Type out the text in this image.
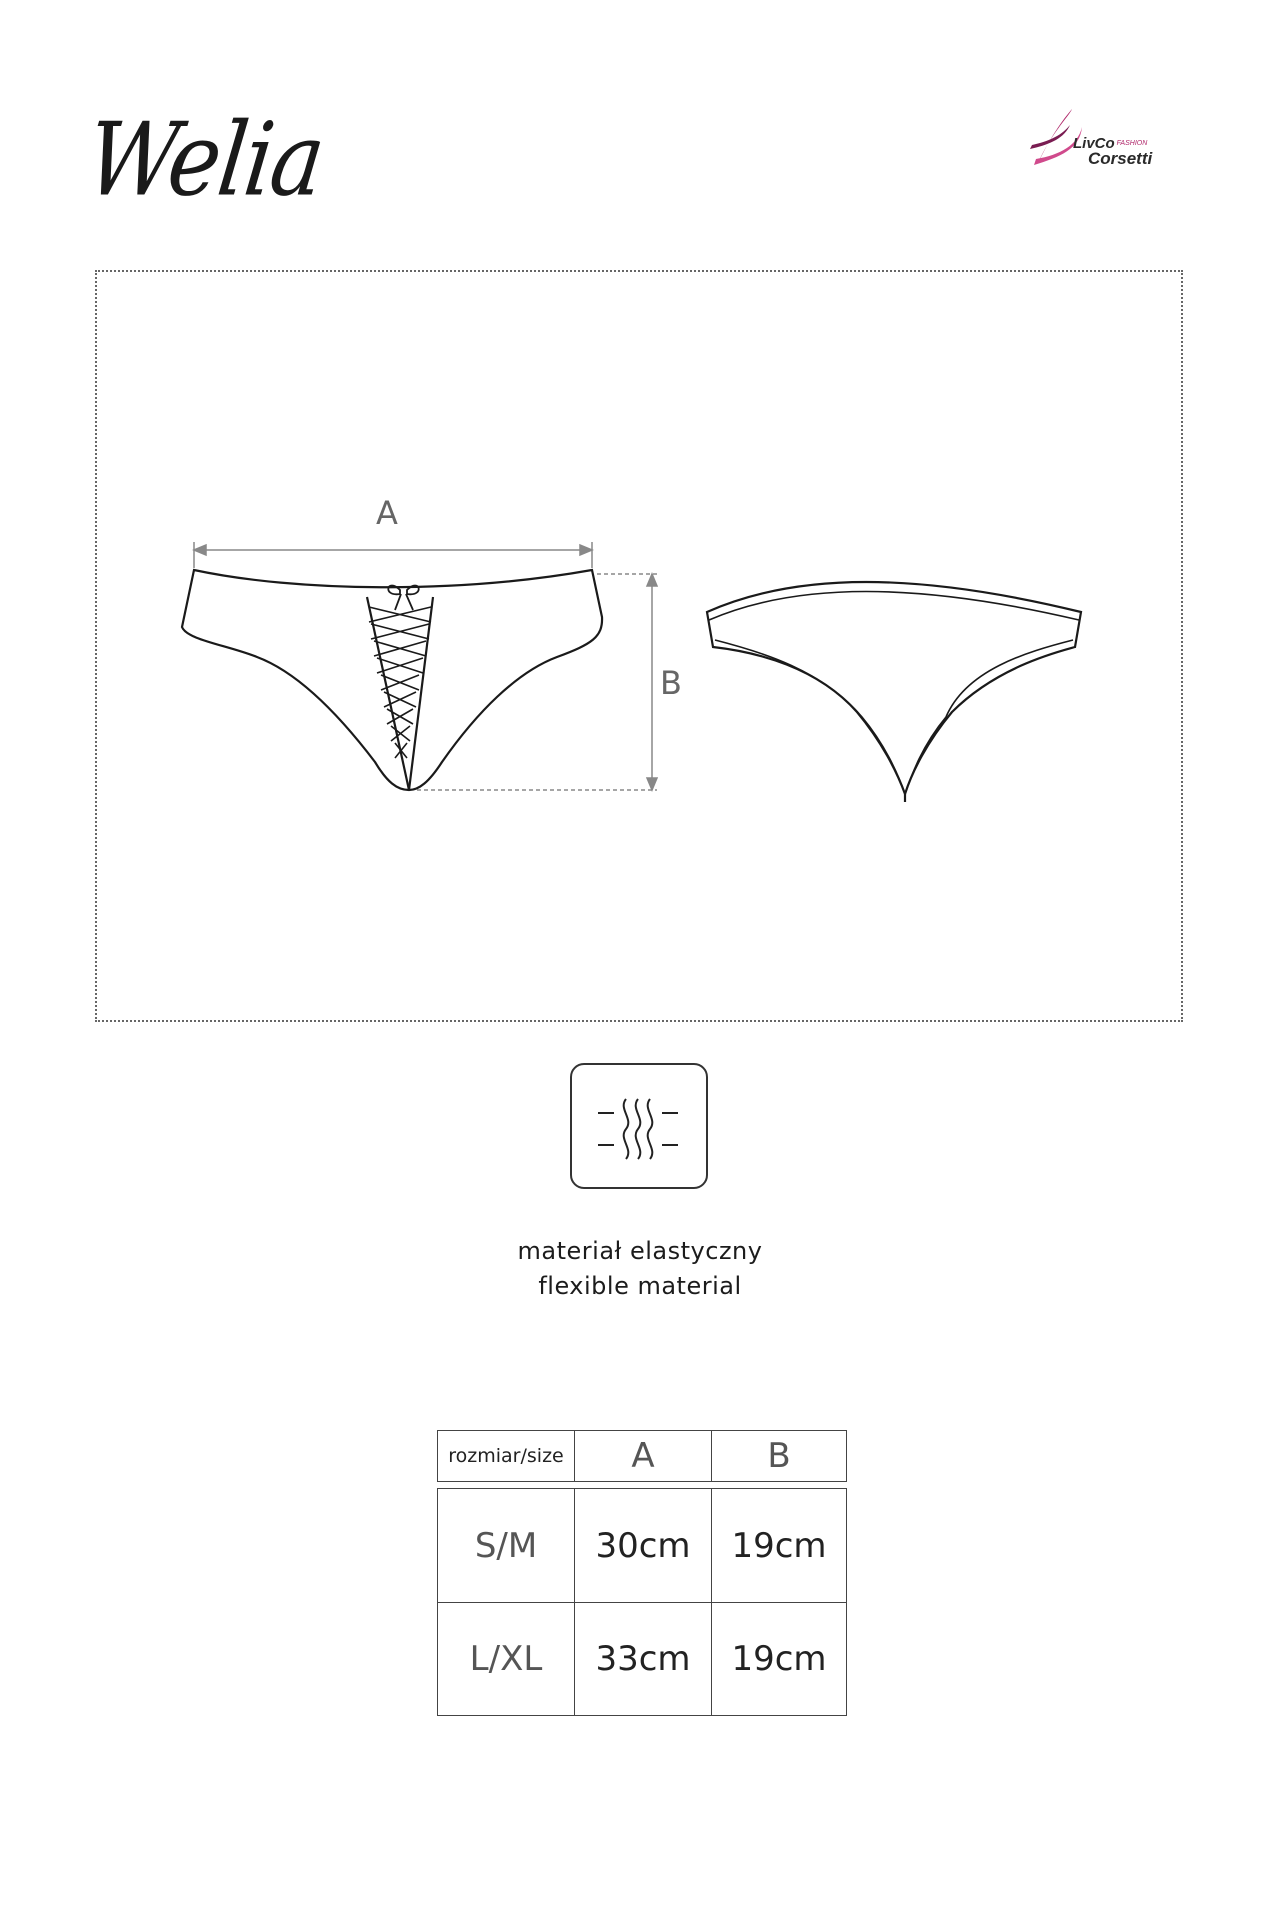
Welia	LivCo $^{FASHION}$
Corsetti
A
B
materiał elastyczny
flexible material
rozmiar/size	A	B
S/M	30cm	19cm
L/XL	33cm	19cm
